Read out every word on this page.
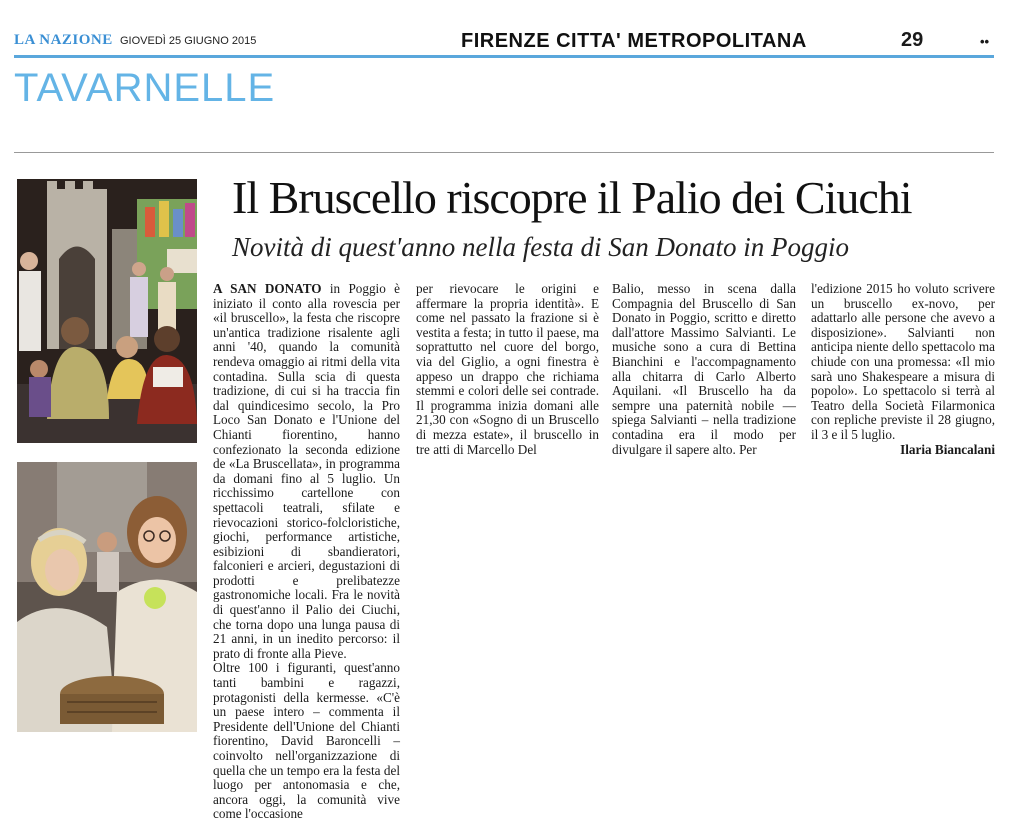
LA NAZIONE GIOVEDÌ 25 GIUGNO 2015	FIRENZE CITTA' METROPOLITANA	29	••
TAVARNELLE
Il Bruscello riscopre il Palio dei Ciuchi
Novità di quest'anno nella festa di San Donato in Poggio

A SAN DONATO in Poggio è iniziato il conto alla rovescia per «il bruscello», la festa che riscopre un'antica tradizione risalente agli anni '40, quando la comunità rendeva omaggio ai ritmi della vita contadina. Sulla scia di questa tradizione, di cui si ha traccia fin dal quindicesimo secolo, la Pro Loco San Donato e l'Unione del Chianti fiorentino, hanno confezionato la seconda edizione de «La Bruscellata», in programma da domani fino al 5 luglio. Un ricchissimo cartellone con spettacoli teatrali, sfilate e rievocazioni storico-folcloristiche, giochi, performance artistiche, esibizioni di sbandieratori, falconieri e arcieri, degustazioni di prodotti e prelibatezze gastronomiche locali. Fra le novità di quest'anno il Palio dei Ciuchi, che torna dopo una lunga pausa di 21 anni, in un inedito percorso: il prato di fronte alla Pieve.

Oltre 100 i figuranti, quest'anno tanti bambini e ragazzi, protagonisti della kermesse. «C'è un paese intero – commenta il Presidente dell'Unione del Chianti fiorentino, David Baroncelli – coinvolto nell'organizzazione di quella che un tempo era la festa del luogo per antonomasia e che, ancora oggi, la comunità vive come l'occasione

per rievocare le origini e affermare la propria identità». E come nel passato la frazione si è vestita a festa; in tutto il paese, ma soprattutto nel cuore del borgo, via del Giglio, a ogni finestra è appeso un drappo che richiama stemmi e colori delle sei contrade. Il programma inizia domani alle 21,30 con «Sogno di un Bruscello di mezza estate», il bruscello in tre atti di Marcello Del

Balio, messo in scena dalla Compagnia del Bruscello di San Donato in Poggio, scritto e diretto dall'attore Massimo Salvianti. Le musiche sono a cura di Bettina Bianchini e l'accompagnamento alla chitarra di Carlo Alberto Aquilani. «Il Bruscello ha da sempre una paternità nobile — spiega Salvianti – nella tradizione contadina era il modo per divulgare il sapere alto. Per

l'edizione 2015 ho voluto scrivere un bruscello ex-novo, per adattarlo alle persone che avevo a disposizione». Salvianti non anticipa niente dello spettacolo ma chiude con una promessa: «Il mio sarà uno Shakespeare a misura di popolo». Lo spettacolo si terrà al Teatro della Società Filarmonica con repliche previste il 28 giugno, il 3 e il 5 luglio.

Ilaria Biancalani
